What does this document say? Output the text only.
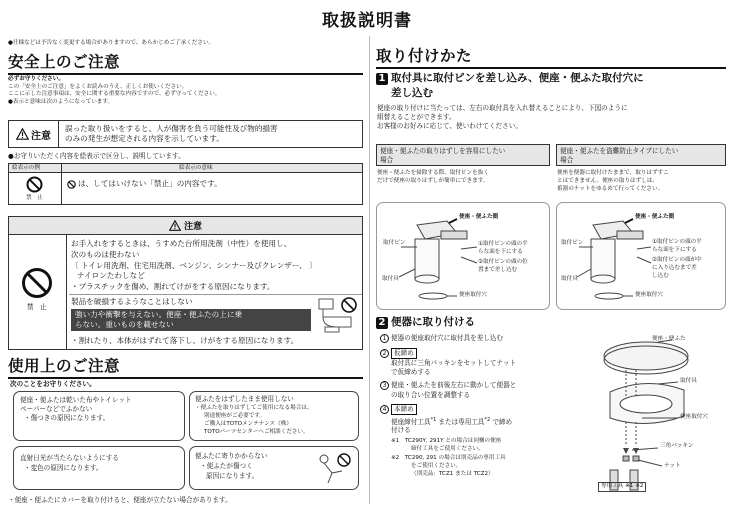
取扱説明書
●仕様などは予告なく変更する場合がありますので、あらかじめご了承ください。
安全上のご注意
必ずお守りください。
この「安全上のご注意」をよくお読みのうえ、正しくお使いください。
ここに示した注意事項は、安全に関する重要な内容ですので、必ず守ってください。
●表示と意味は次のようになっています。
注意
誤った取り扱いをすると、人が傷害を負う可能性及び物的損害
のみの発生が想定される内容を示しています。
●お守りいただく内容を絵表示で区分し、説明しています。
絵表示の例	絵表示の意味
禁　止
は、してはいけない「禁止」の内容です。
注意
禁　止
お手入れをするときは、うすめた台所用洗剤（中性）を使用し、
次のものは使わない
〔 トイレ用洗剤、住宅用洗剤、ベンジン、シンナー及びクレンザー、 〕
ナイロンたわしなど
・プラスチックを傷め、割れてけがをする原因になります。
製品を破損するようなことはしない
強い力や衝撃を与えない。便座・便ふたの上に乗
らない。重いものを載せない
・割れたり、本体がはずれて落下し、けがをする原因になります。
使用上のご注意
次のことをお守りください。
便座・便ふたは乾いた布やトイレット
ペーパーなどでふかない
・傷つきの原因になります。
便ふたをはずしたまま使用しない
・便ふたを取りはずしてご使用になる場合は、
別途便座がご必要です。
ご購入はTOTOメンテナンス（株）
TOTOパーツセンターへご相談ください。
直射日光が当たらないようにする
・変色の原因になります。
便ふたに寄りかからない
・便ふたが傷つく
原因になります。
・便座・便ふたにカバーを取り付けると、便座が立たない場合があります。
取り付けかた
1 取付具に取付ピンを差し込み、便座・便ふた取付穴に
差し込む
便座の取り付けに当たっては、左右の取付具を入れ替えることにより、下図のように
組替えることができます。
お客様のお好みに応じて、使いわけてください。
便座・便ふたの取りはずしを容易にしたい
場合
便座・便ふたを盗難防止タイプにしたい
場合
便座・便ふたを掃除する際、取付ピンを抜く
だけで便座の取りはずしが簡単にできます。
便座を便器に取付けたままで、取りはずすこ
とはできません。便座の取りはずしは、
蓄器のナットをゆるめて行ってください。
便座・便ふた側
取付ピン	①取付ピンの頭の平
らな面を下にする
②取付ピンの頭の位
置まで差し込む
取付具
便座取付穴
便座・便ふた側
取付ピン	①取付ピンの頭の平
らな面を下にする
②取付ピンの頭が中
に入り込むまで差
し込む
取付具
便座取付穴
2 便器に取り付ける
1 便器の便座取付穴に取付具を差し込む
2 仮締め
取付具に三角パッキンをセットしてナット
で仮締めする
3 便座・便ふたを前後左右に動かして便器と
の取り合い位置を調整する
4 本締め
便座締付工具$^{*1}$ または専用工具$^{*2}$ で締め
付ける
※1　TC290Y, 291Y との場合は同梱の便座
締付工具をご使用ください。
※2　TC290, 291 の場合は別売品の専用工具
をご使用ください。
（別売品：TCZ1 または TCZ2）
便座・便ふた
取付具
便座取付穴
三角パッキン
ナット
専用工具 ※1 ※2
